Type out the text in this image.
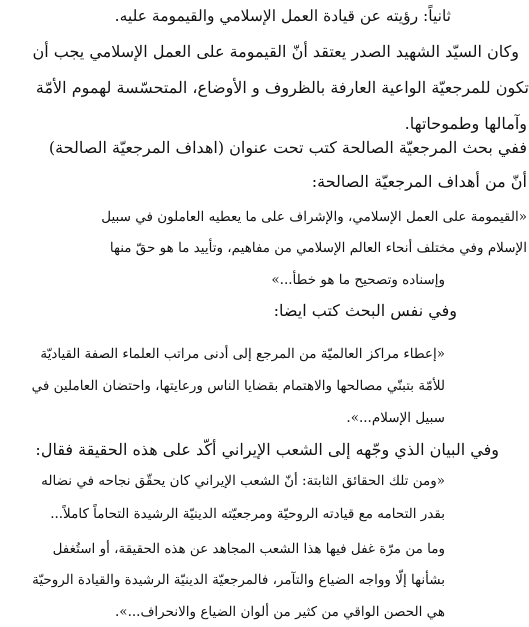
ثانياً: رؤيته عن قيادة العمل الإسلامي والقيمومة عليه.
وكان السيّد الشهيد الصدر يعتقد أنّ القيمومة على العمل الإسلامي يجب أن
تكون للمرجعيّة الواعية العارفة بالظروف و الأوضاع، المتحسّسة لهموم الأمّة
وآمالها وطموحاتها.
ففي بحث المرجعيّة الصالحة كتب تحت عنوان (اهداف المرجعيّة الصالحة)
أنّ من أهداف المرجعيّة الصالحة:
«القيمومة على العمل الإسلامي، والإشراف على ما يعطيه العاملون في سبيل
الإسلام وفي مختلف أنحاء العالم الإسلامي من مفاهيم، وتأييد ما هو حقّ منها
وإسناده وتصحيح ما هو خطأ...»
وفي نفس البحث كتب ايضا:
«إعطاء مراكز العالميّة من المرجع إلى أدنى مراتب العلماء الصفة القياديّة
للأمّة بتبنّي مصالحها والاهتمام بقضايا الناس ورعايتها، واحتضان العاملين في
سبيل الإسلام...».
وفي البيان الذي وجّهه إلى الشعب الإيراني أكّد على هذه الحقيقة فقال:
«ومن تلك الحقائق الثابتة: أنّ الشعب الإيراني كان يحقّق نجاحه في نضاله
بقدر التحامه مع قيادته الروحيّة ومرجعيّته الدينيّة الرشيدة التحاماً كاملاً...
وما من مرّة غفل فيها هذا الشعب المجاهد عن هذه الحقيقة، أو استُغفل
بشأنها إلّا وواجه الضياع والتآمر، فالمرجعيّة الدينيّة الرشيدة والقيادة الروحيّة
هي الحصن الواقي من كثير من ألوان الضياع والانحراف...».
